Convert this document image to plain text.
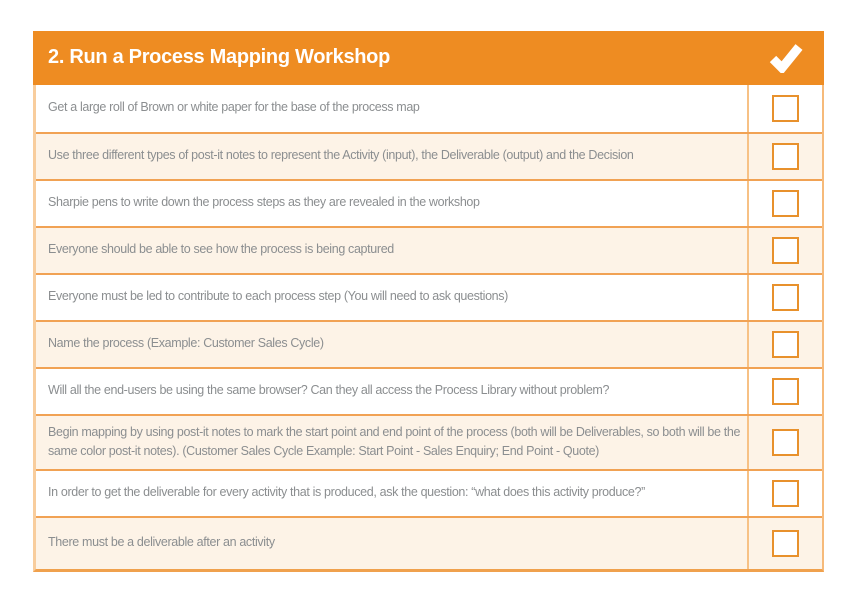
2. Run a Process Mapping Workshop
Get a large roll of Brown or white paper for the base of the process map
Use three different types of post-it notes to represent the Activity (input), the Deliverable (output) and the Decision
Sharpie pens to write down the process steps as they are revealed in the workshop
Everyone should be able to see how the process is being captured
Everyone must be led to contribute to each process step (You will need to ask questions)
Name the process (Example: Customer Sales Cycle)
Will all the end-users be using the same browser? Can they all access the Process Library without problem?
Begin mapping by using post-it notes to mark the start point and end point of the process (both will be Deliverables, so both will be the same color post-it notes). (Customer Sales Cycle Example: Start Point - Sales Enquiry; End Point - Quote)
In order to get the deliverable for every activity that is produced, ask the question: “what does this activity produce?”
There must be a deliverable after an activity
